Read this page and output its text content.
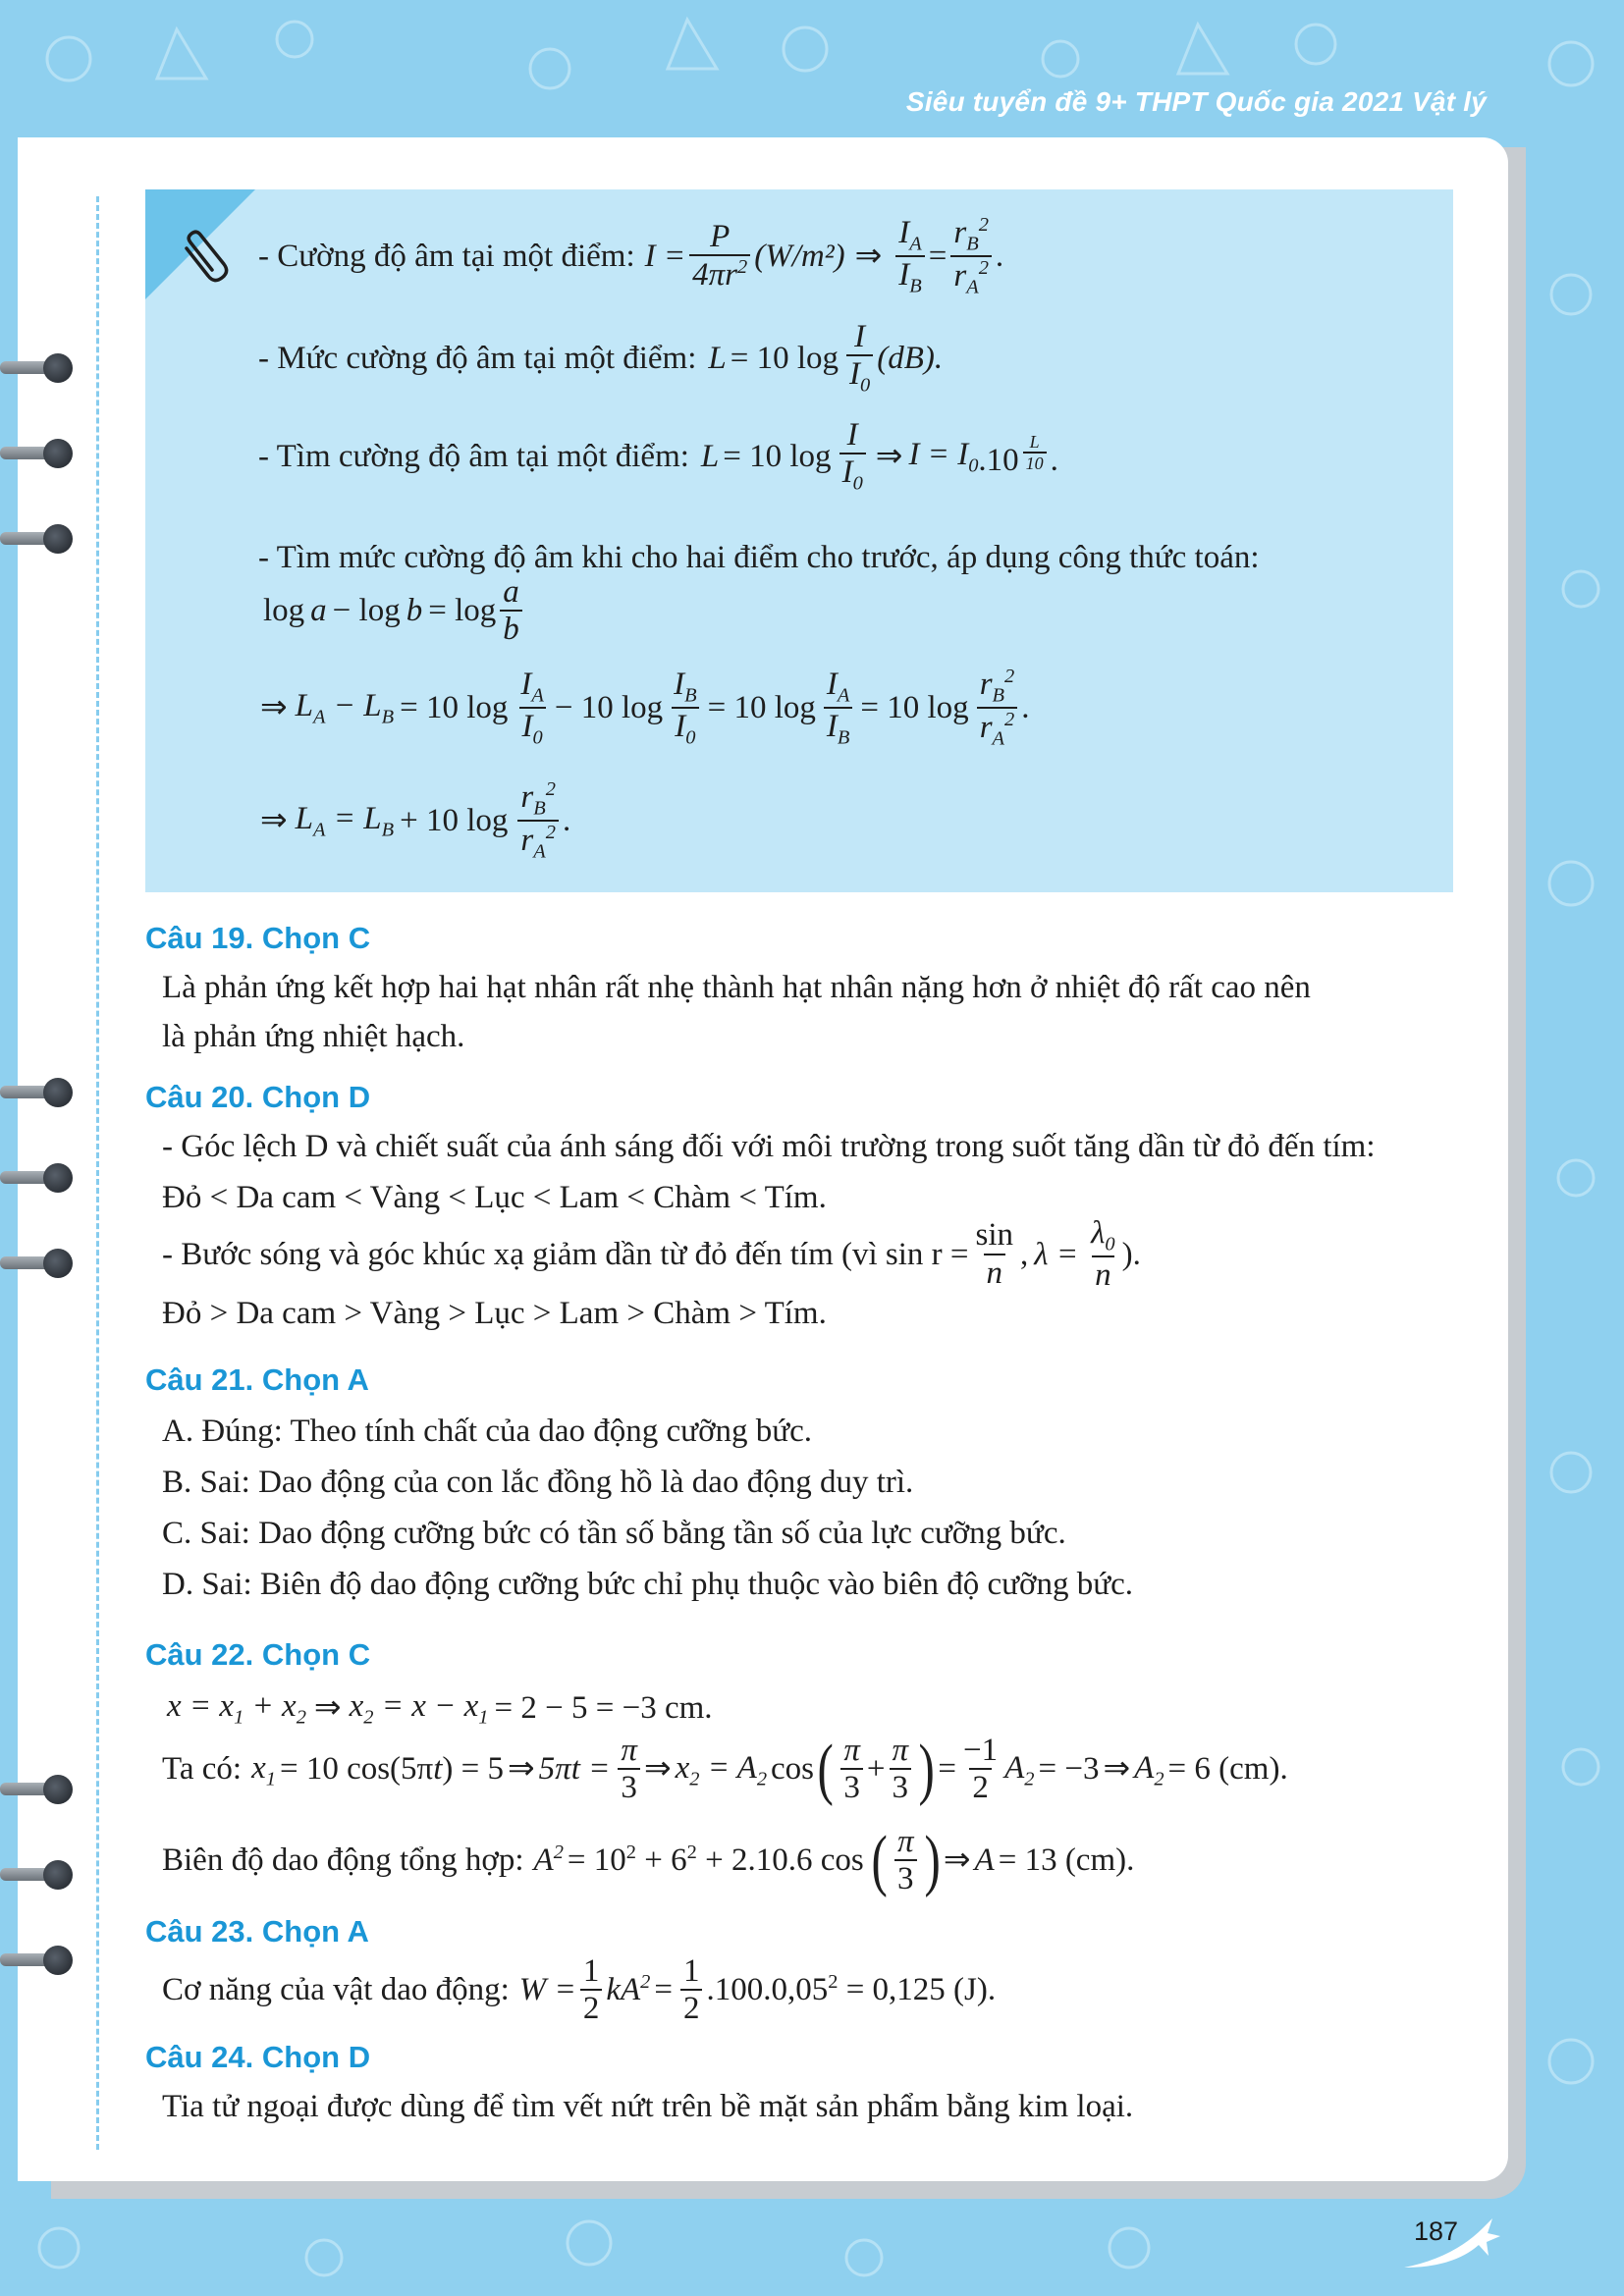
Siêu tuyển đề 9+ THPT Quốc gia 2021 Vật lý
- Cường độ âm tại một điểm: $I = \frac{P}{4\pi r^2} (W/m^2)$ ⇒ $\frac{I_A}{I_B} = \frac{r_B^2}{r_A^2}$ .
- Mức cường độ âm tại một điểm: L = 10 $\log \frac{I}{I_0} (dB)$.
- Tìm cường độ âm tại một điểm: L = 10 $\log \frac{I}{I_0}$ ⇒ $I = I_0$ .10 $^{\frac{L}{10}}$ .
- Tìm mức cường độ âm khi cho hai điểm cho trước, áp dụng công thức toán:
$\log a - \log b = \log \frac{a}{b}$
⇒ $L_A - L_B = 10$ $\log \frac{I_A}{I_0} - 10$ $\log \frac{I_B}{I_0} = 10$ $\log \frac{I_A}{I_B} = 10$ $\log \frac{r_B^2}{r_A^2}$ .
⇒ $L_A = L_B + 10$ $\log \frac{r_B^2}{r_A^2}$ .
Câu 19. Chọn C
Là phản ứng kết hợp hai hạt nhân rất nhẹ thành hạt nhân nặng hơn ở nhiệt độ rất cao nên
là phản ứng nhiệt hạch.
Câu 20. Chọn D
- Góc lệch D và chiết suất của ánh sáng đối với môi trường trong suốt tăng dần từ đỏ đến tím:
Đỏ < Da cam < Vàng < Lục < Lam < Chàm < Tím.
- Bước sóng và góc khúc xạ giảm dần từ đỏ đến tím (vì $\sin r = \frac{\sin}{n}$ , $\lambda = \frac{\lambda_0}{n}$ ).
Đỏ > Da cam > Vàng > Lục > Lam > Chàm > Tím.
Câu 21. Chọn A
A. Đúng: Theo tính chất của dao động cưỡng bức.
B. Sai: Dao động của con lắc đồng hồ là dao động duy trì.
C. Sai: Dao động cưỡng bức có tần số bằng tần số của lực cưỡng bức.
D. Sai: Biên độ dao động cưỡng bức chỉ phụ thuộc vào biên độ cưỡng bức.
Câu 22. Chọn C
$x = x_1 + x_2$ ⇒ $x_2 = x - x_1 = 2 - 5 = -3$ cm.
Ta có: $x_1 = 10$ cos(5πt) = 5 ⇒ $5\pi t = \frac{\pi}{3}$ ⇒ $x_2 = A_2$ cos ( $\frac{\pi}{3} + \frac{\pi}{3}$ ) = $\frac{-1}{2} A_2 = -3$ ⇒ $A_2 = 6$ (cm).
Biên độ dao động tổng hợp: $A^2 = 10^2 + 6^2 + 2.10.6$ cos ( $\frac{\pi}{3}$ ) ⇒ A = 13 (cm).
Câu 23. Chọn A
Cơ năng của vật dao động: $W = \frac{1}{2} kA^2 = \frac{1}{2} .100.0,05^2 = 0,125$ (J).
Câu 24. Chọn D
Tia tử ngoại được dùng để tìm vết nứt trên bề mặt sản phẩm bằng kim loại.
187
